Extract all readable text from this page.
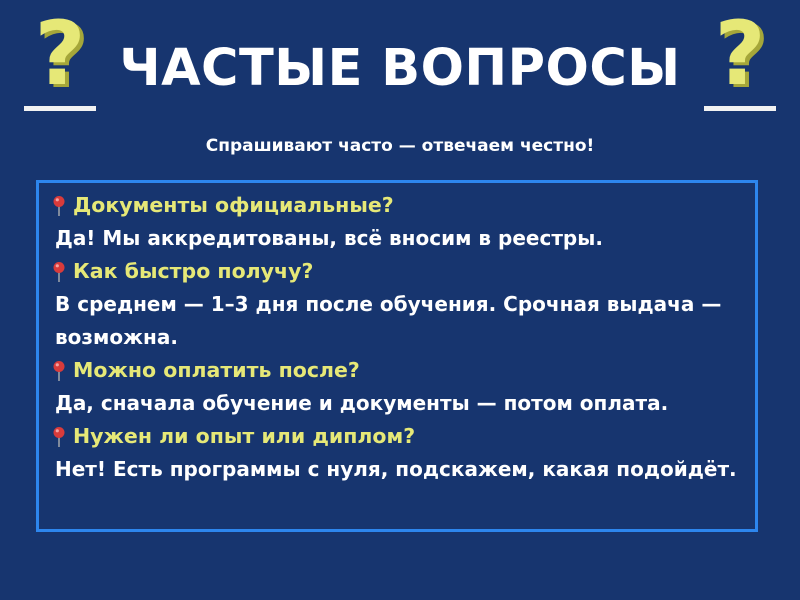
? ЧАСТЫЕ ВОПРОСЫ ?
Спрашивают часто — отвечаем честно!
Документы официальные?
Да! Мы аккредитованы, всё вносим в реестры.
Как быстро получу?
В среднем — 1–3 дня после обучения. Срочная выдача — возможна.
Можно оплатить после?
Да, сначала обучение и документы — потом оплата.
Нужен ли опыт или диплом?
Нет! Есть программы с нуля, подскажем, какая подойдёт.
